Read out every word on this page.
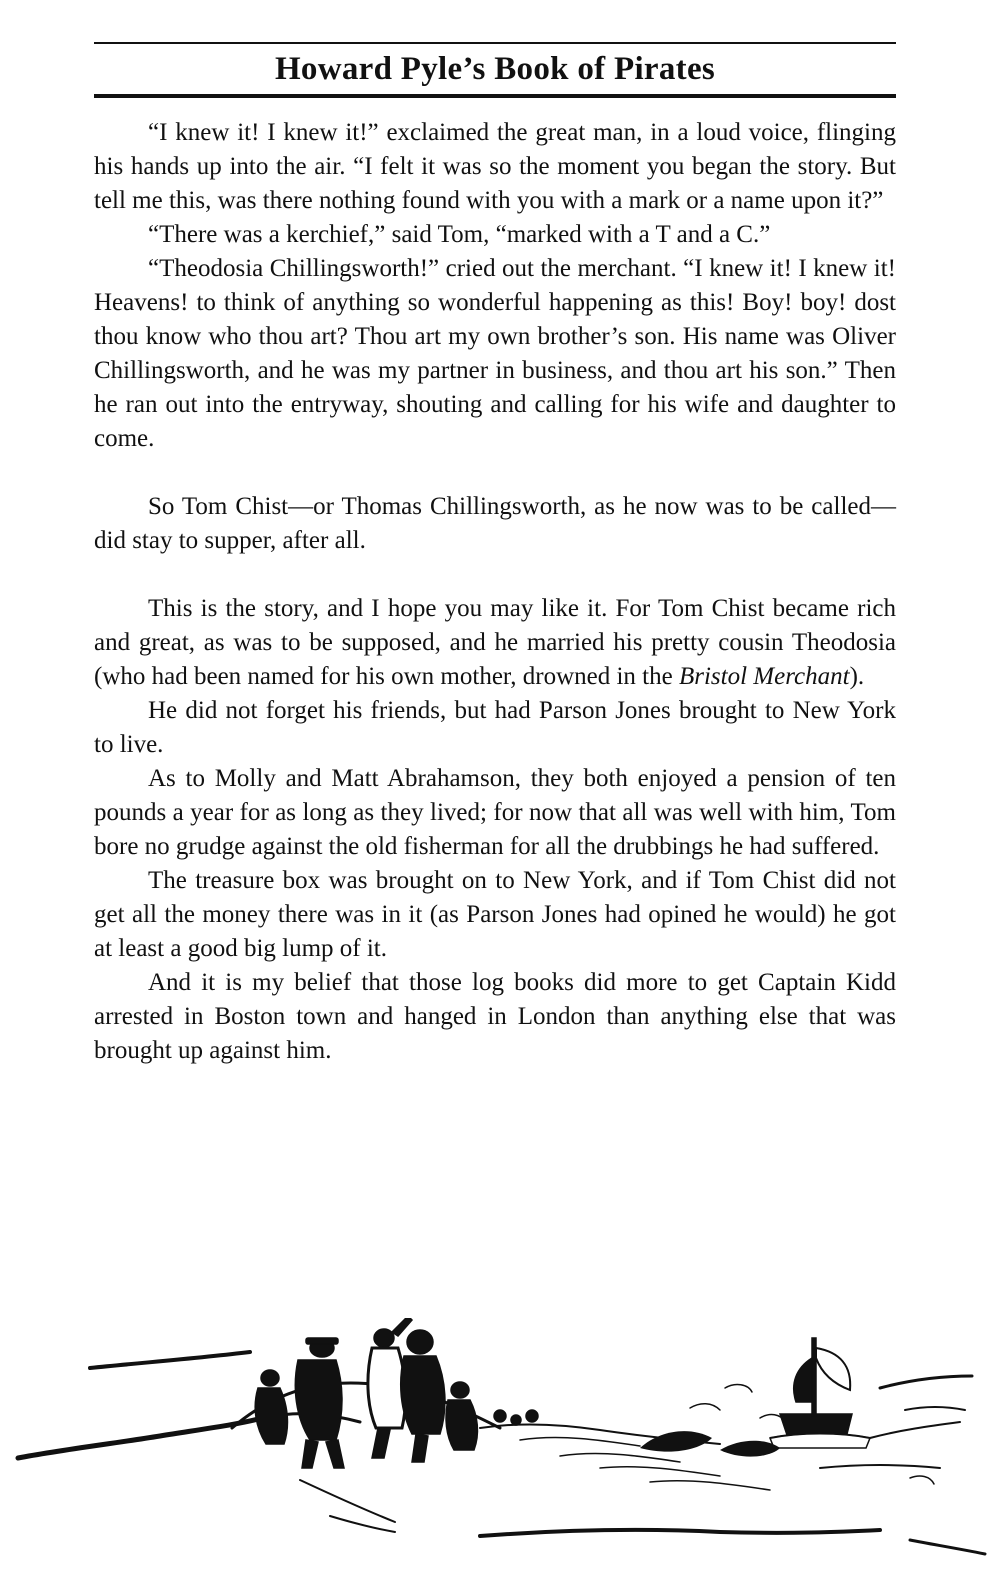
Howard Pyle’s Book of Pirates

“I knew it! I knew it!” exclaimed the great man, in a loud voice, flinging his hands up into the air. “I felt it was so the moment you began the story. But tell me this, was there nothing found with you with a mark or a name upon it?”

“There was a kerchief,” said Tom, “marked with a T and a C.”

“Theodosia Chillingsworth!” cried out the merchant. “I knew it! I knew it! Heavens! to think of anything so wonderful happening as this! Boy! boy! dost thou know who thou art? Thou art my own brother’s son. His name was Oliver Chillingsworth, and he was my partner in business, and thou art his son.” Then he ran out into the entryway, shouting and calling for his wife and daughter to come.

So Tom Chist—or Thomas Chillingsworth, as he now was to be called—did stay to supper, after all.

This is the story, and I hope you may like it. For Tom Chist became rich and great, as was to be supposed, and he married his pretty cousin Theodosia (who had been named for his own mother, drowned in the Bristol Merchant).

He did not forget his friends, but had Parson Jones brought to New York to live.

As to Molly and Matt Abrahamson, they both enjoyed a pension of ten pounds a year for as long as they lived; for now that all was well with him, Tom bore no grudge against the old fisherman for all the drubbings he had suffered.

The treasure box was brought on to New York, and if Tom Chist did not get all the money there was in it (as Parson Jones had opined he would) he got at least a good big lump of it.

And it is my belief that those log books did more to get Captain Kidd arrested in Boston town and hanged in London than anything else that was brought up against him.
